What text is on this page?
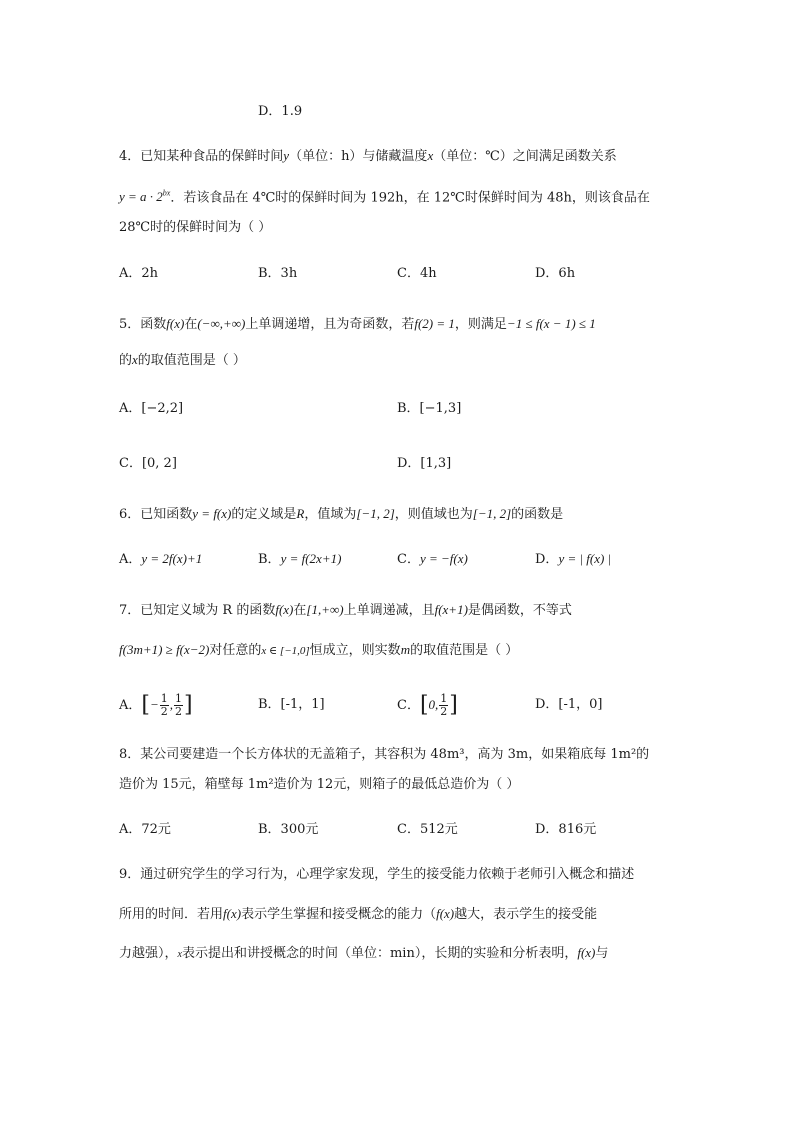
D．1.9
4．已知某种食品的保鲜时间y（单位：h）与储藏温度x（单位：℃）之间满足函数关系
$y = a \cdot 2^{bx}$．若该食品在 4℃时的保鲜时间为 192h，在 12℃时保鲜时间为 48h，则该食品在
28℃时的保鲜时间为（ ）
A．2h	B．3h	C．4h	D．6h
5．函数f(x)在(−∞,+∞)上单调递增，且为奇函数，若f(2) = 1，则满足−1 ≤ f(x − 1) ≤ 1
的x的取值范围是（ ）
A．[−2,2]	B．[−1,3]
C．[0, 2]	D．[1,3]
6．已知函数y = f(x)的定义域是R，值域为[−1, 2]，则值域也为[−1, 2]的函数是
A．y = 2f(x)+1	B．y = f(2x+1)	C．y = −f(x)	D．y = | f(x) |
7．已知定义域为 R 的函数f(x)在[1,+∞)上单调递减，且f(x+1)是偶函数，不等式
f(3m+1) ≥ f(x−2)对任意的x ∈ [−1,0]恒成立，则实数m的取值范围是（ ）
A．[− $\frac{1}{2}$ , $\frac{1}{2}$ ]	B．[-1，1]	C．[0, $\frac{1}{2}$ ]	D．[-1，0]
8．某公司要建造一个长方体状的无盖箱子，其容积为 48m³，高为 3m，如果箱底每 1m²的
造价为 15元，箱壁每 1m²造价为 12元，则箱子的最低总造价为（ ）
A．72元	B．300元	C．512元	D．816元
9．通过研究学生的学习行为，心理学家发现，学生的接受能力依赖于老师引入概念和描述
所用的时间．若用f(x)表示学生掌握和接受概念的能力（f(x)越大，表示学生的接受能
力越强），x表示提出和讲授概念的时间（单位：min），长期的实验和分析表明，f(x)与
